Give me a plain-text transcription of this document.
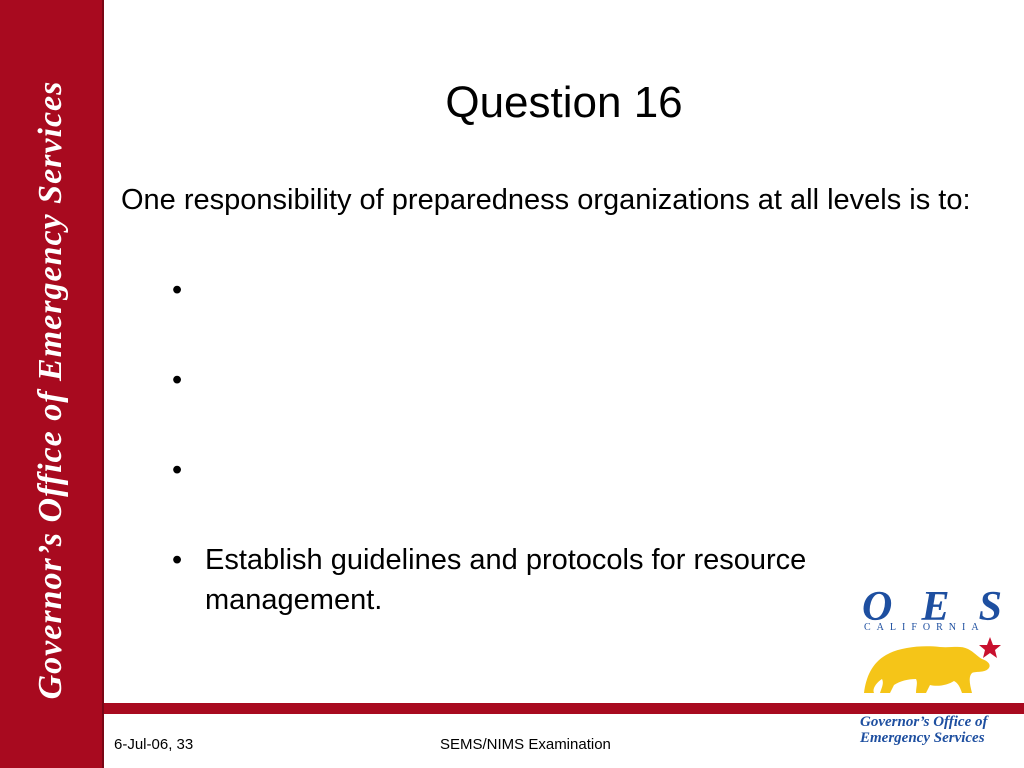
Governor’s Office of Emergency Services	Question 16

One responsibility of preparedness organizations at all levels is to:

•
•
•
• Establish guidelines and protocols for resource management.	O E S
CALIFORNIA
6-Jul-06, 33	SEMS/NIMS Examination
Governor’s Office of
Emergency Services
